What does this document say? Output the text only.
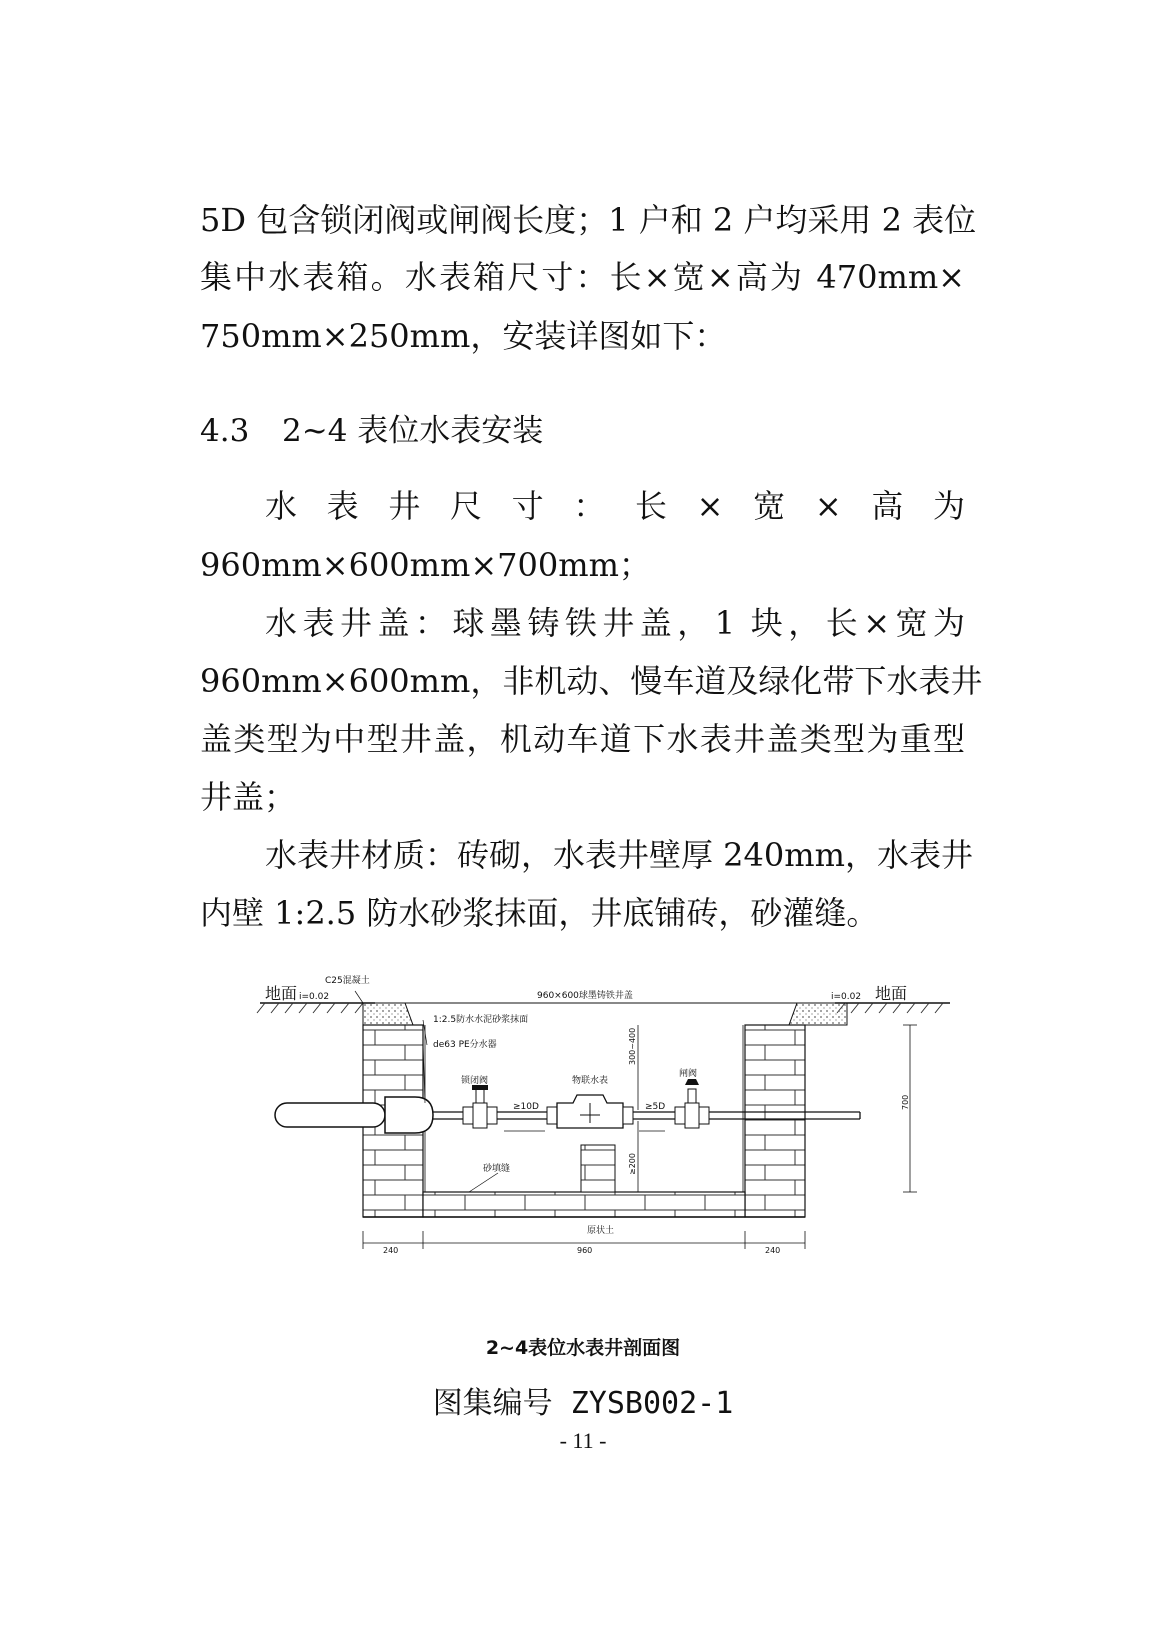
5D 包含锁闭阀或闸阀长度；1 户和 2 户均采用 2 表位
集中水表箱。水表箱尺寸：长×宽×高为 470mm×
750mm×250mm，安装详图如下：
4.3 2~4 表位水表安装
水表井尺寸：长×宽×高为
960mm×600mm×700mm；
水表井盖：球墨铸铁井盖，1 块，长×宽为
960mm×600mm，非机动、慢车道及绿化带下水表井
盖类型为中型井盖，机动车道下水表井盖类型为重型
井盖；
水表井材质：砖砌，水表井壁厚 240mm，水表井
内壁 1:2.5 防水砂浆抹面，井底铺砖，砂灌缝。
地面 i=0.02	地面
i=0.02
C25混凝土
960×600球墨铸铁井盖
1:2.5防水水泥砂浆抹面
de63 PE分水器
锁闭阀	物联水表
闸阀
≥10D	≥5D
300~400
≥200
700
砂填缝
原状土
240	960	240
2~4表位水表井剖面图
图集编号 ZYSB002-1
- 11 -
